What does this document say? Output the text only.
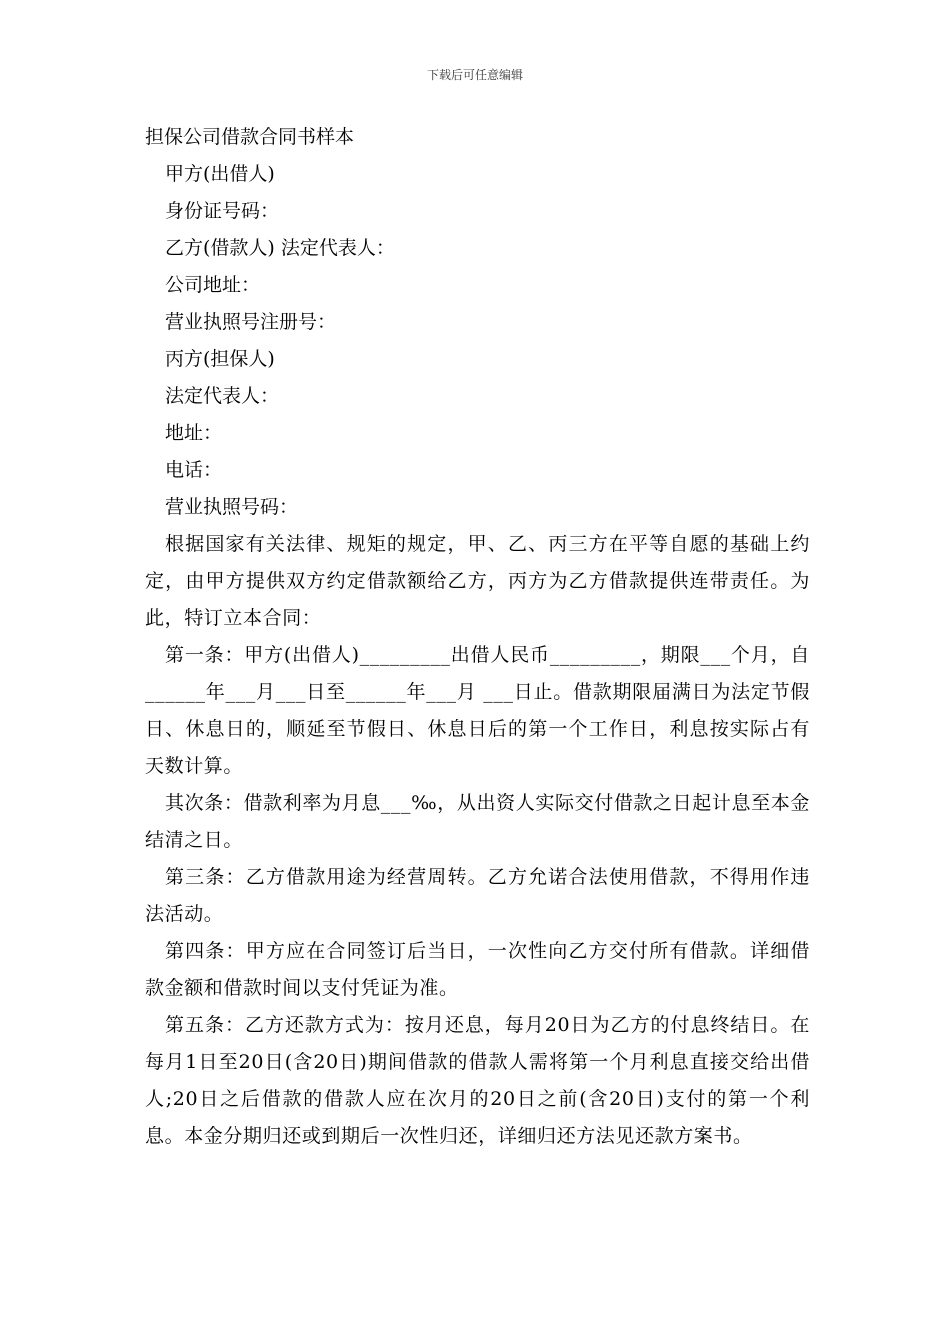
下载后可任意编辑
担保公司借款合同书样本

甲方(出借人)

身份证号码：

乙方(借款人) 法定代表人：

公司地址：

营业执照号注册号：

丙方(担保人)

法定代表人：

地址：

电话：

营业执照号码：

根据国家有关法律、规矩的规定，甲、乙、丙三方在平等自愿的基础上约定，由甲方提供双方约定借款额给乙方，丙方为乙方借款提供连带责任。为此，特订立本合同：

第一条：甲方(出借人)_________出借人民币_________，期限___个月，自______年___月___日至______年___月 ___日止。借款期限届满日为法定节假日、休息日的，顺延至节假日、休息日后的第一个工作日，利息按实际占有天数计算。

其次条：借款利率为月息___‰，从出资人实际交付借款之日起计息至本金结清之日。

第三条：乙方借款用途为经营周转。乙方允诺合法使用借款，不得用作违法活动。

第四条：甲方应在合同签订后当日，一次性向乙方交付所有借款。详细借款金额和借款时间以支付凭证为准。

第五条：乙方还款方式为：按月还息，每月20日为乙方的付息终结日。在每月1日至20日(含20日)期间借款的借款人需将第一个月利息直接交给出借人;20日之后借款的借款人应在次月的20日之前(含20日)支付的第一个利息。本金分期归还或到期后一次性归还，详细归还方法见还款方案书。
